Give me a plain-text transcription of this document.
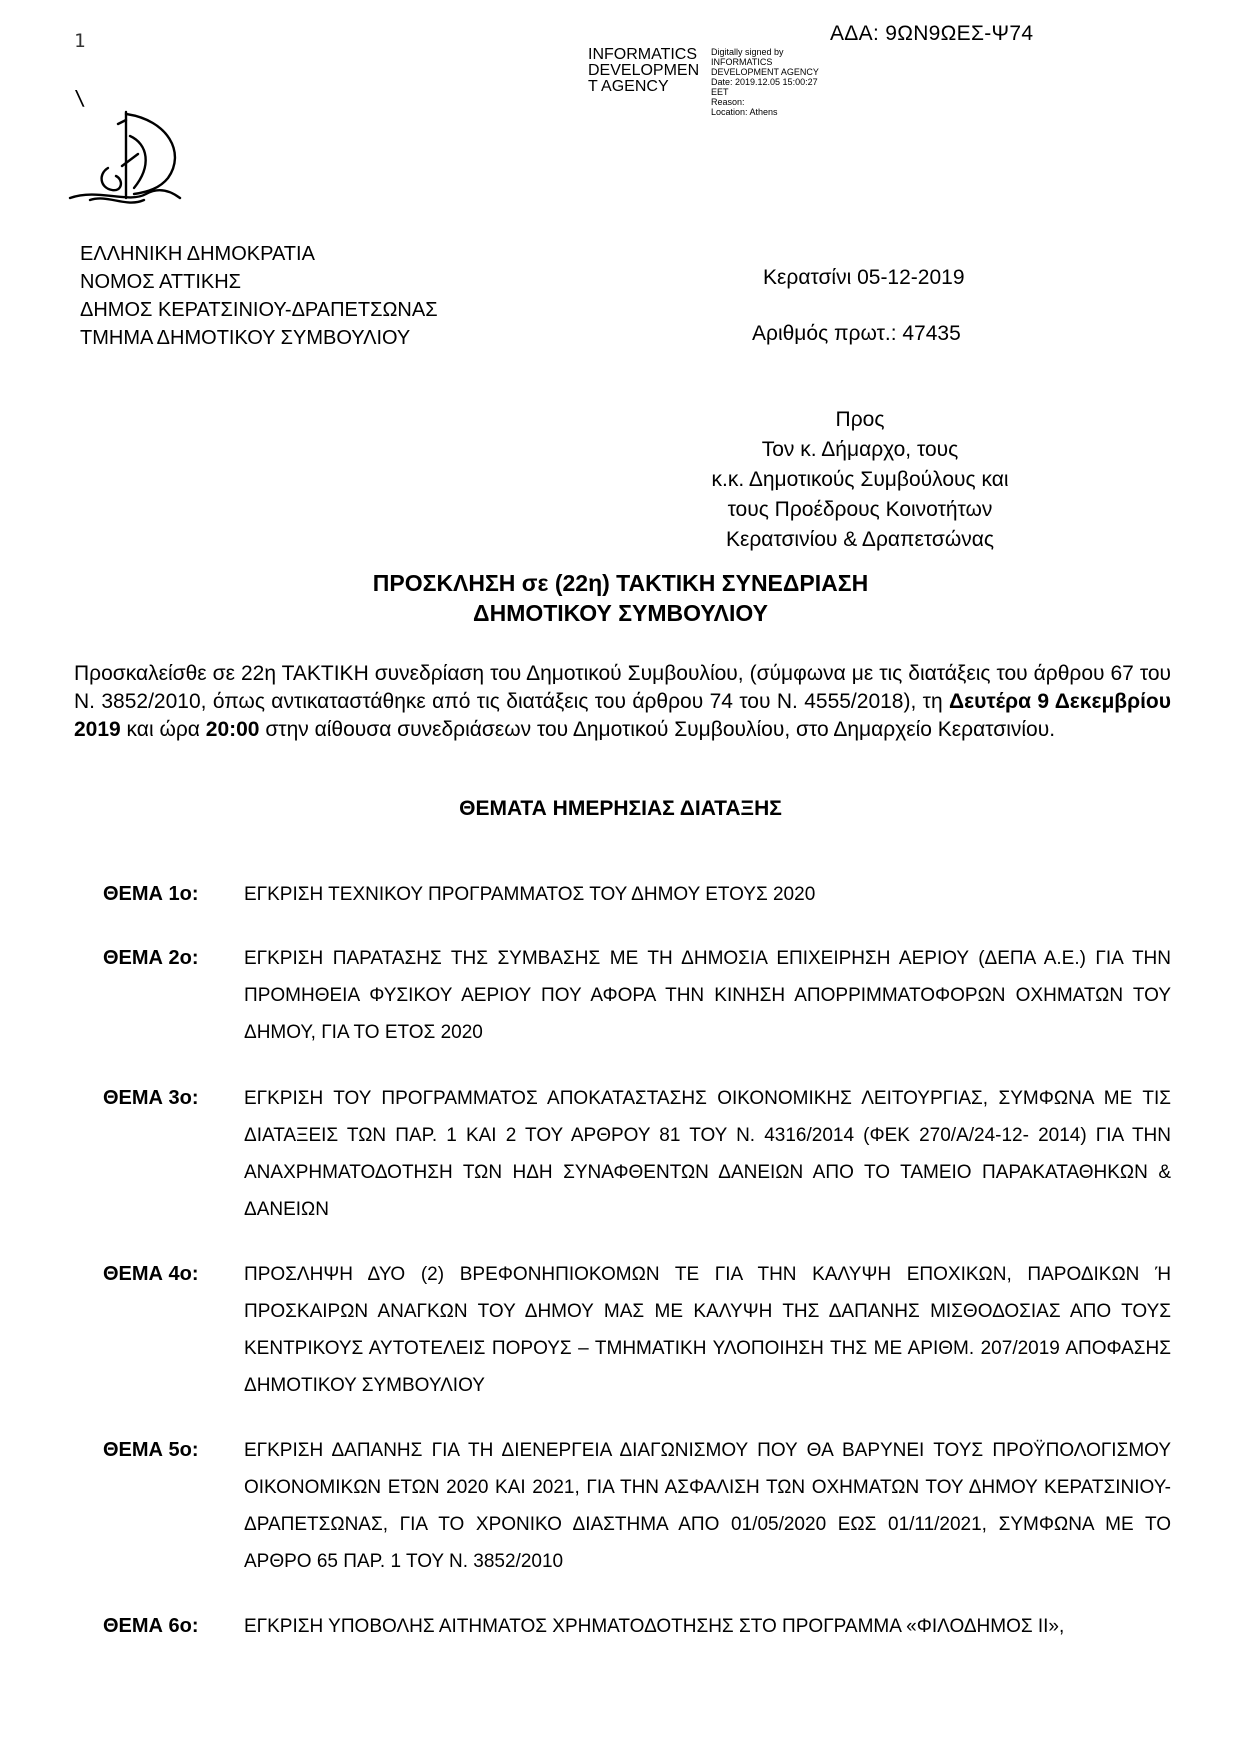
1
\
ΑΔΑ: 9ΩΝ9ΩΕΣ-Ψ74
INFORMATICS
DEVELOPMEN
T AGENCY
Digitally signed by
INFORMATICS
DEVELOPMENT AGENCY
Date: 2019.12.05 15:00:27
EET
Reason:
Location: Athens
ΕΛΛΗΝΙΚΗ ΔΗΜΟΚΡΑΤΙΑ
ΝΟΜΟΣ ΑΤΤΙΚΗΣ
ΔΗΜΟΣ ΚΕΡΑΤΣΙΝΙΟΥ-ΔΡΑΠΕΤΣΩΝΑΣ
ΤΜΗΜΑ ΔΗΜΟΤΙΚΟΥ ΣΥΜΒΟΥΛΙΟΥ
Κερατσίνι 05-12-2019
Αριθμός πρωτ.: 47435
Προς
Τον κ. Δήμαρχο, τους
κ.κ. Δημοτικούς Συμβούλους και
τους Προέδρους Κοινοτήτων
Κερατσινίου & Δραπετσώνας
ΠΡΟΣΚΛΗΣΗ σε (22η) ΤΑΚΤΙΚΗ ΣΥΝΕΔΡΙΑΣΗ
ΔΗΜΟΤΙΚΟΥ ΣΥΜΒΟΥΛΙΟΥ
Προσκαλείσθε σε 22η ΤΑΚΤΙΚΗ συνεδρίαση του Δημοτικού Συμβουλίου, (σύμφωνα με τις διατάξεις του άρθρου 67 του Ν. 3852/2010, όπως αντικαταστάθηκε από τις διατάξεις του άρθρου 74 του Ν. 4555/2018), τη Δευτέρα 9 Δεκεμβρίου 2019 και ώρα 20:00 στην αίθουσα συνεδριάσεων του Δημοτικού Συμβουλίου, στο Δημαρχείο Κερατσινίου.
ΘΕΜΑΤΑ ΗΜΕΡΗΣΙΑΣ ΔΙΑΤΑΞΗΣ
ΘΕΜΑ 1ο: ΕΓΚΡΙΣΗ ΤΕΧΝΙΚΟΥ ΠΡΟΓΡΑΜΜΑΤΟΣ ΤΟΥ ΔΗΜΟΥ ΕΤΟΥΣ 2020
ΘΕΜΑ 2ο: ΕΓΚΡΙΣΗ ΠΑΡΑΤΑΣΗΣ ΤΗΣ ΣΥΜΒΑΣΗΣ ΜΕ ΤΗ ΔΗΜΟΣΙΑ ΕΠΙΧΕΙΡΗΣΗ ΑΕΡΙΟΥ (ΔΕΠΑ Α.Ε.) ΓΙΑ ΤΗΝ ΠΡΟΜΗΘΕΙΑ ΦΥΣΙΚΟΥ ΑΕΡΙΟΥ ΠΟΥ ΑΦΟΡΑ ΤΗΝ ΚΙΝΗΣΗ ΑΠΟΡΡΙΜΜΑΤΟΦΟΡΩΝ ΟΧΗΜΑΤΩΝ ΤΟΥ ΔΗΜΟΥ, ΓΙΑ ΤΟ ΕΤΟΣ 2020
ΘΕΜΑ 3ο: ΕΓΚΡΙΣΗ ΤΟΥ ΠΡΟΓΡΑΜΜΑΤΟΣ ΑΠΟΚΑΤΑΣΤΑΣΗΣ ΟΙΚΟΝΟΜΙΚΗΣ ΛΕΙΤΟΥΡΓΙΑΣ, ΣΥΜΦΩΝΑ ΜΕ ΤΙΣ ΔΙΑΤΑΞΕΙΣ ΤΩΝ ΠΑΡ. 1 ΚΑΙ 2 ΤΟΥ ΑΡΘΡΟΥ 81 ΤΟΥ Ν. 4316/2014 (ΦΕΚ 270/Α/24-12- 2014) ΓΙΑ ΤΗΝ ΑΝΑΧΡΗΜΑΤΟΔΟΤΗΣΗ ΤΩΝ ΗΔΗ ΣΥΝΑΦΘΕΝΤΩΝ ΔΑΝΕΙΩΝ ΑΠΟ ΤΟ ΤΑΜΕΙΟ ΠΑΡΑΚΑΤΑΘΗΚΩΝ & ΔΑΝΕΙΩΝ
ΘΕΜΑ 4ο: ΠΡΟΣΛΗΨΗ ΔΥΟ (2) ΒΡΕΦΟΝΗΠΙΟΚΟΜΩΝ ΤΕ ΓΙΑ ΤΗΝ ΚΑΛΥΨΗ ΕΠΟΧΙΚΩΝ, ΠΑΡΟΔΙΚΩΝ Ή ΠΡΟΣΚΑΙΡΩΝ ΑΝΑΓΚΩΝ ΤΟΥ ΔΗΜΟΥ ΜΑΣ ΜΕ ΚΑΛΥΨΗ ΤΗΣ ΔΑΠΑΝΗΣ ΜΙΣΘΟΔΟΣΙΑΣ ΑΠΟ ΤΟΥΣ ΚΕΝΤΡΙΚΟΥΣ ΑΥΤΟΤΕΛΕΙΣ ΠΟΡΟΥΣ – ΤΜΗΜΑΤΙΚΗ ΥΛΟΠΟΙΗΣΗ ΤΗΣ ΜΕ ΑΡΙΘΜ. 207/2019 ΑΠΟΦΑΣΗΣ ΔΗΜΟΤΙΚΟΥ ΣΥΜΒΟΥΛΙΟΥ
ΘΕΜΑ 5ο: ΕΓΚΡΙΣΗ ΔΑΠΑΝΗΣ ΓΙΑ ΤΗ ΔΙΕΝΕΡΓΕΙΑ ΔΙΑΓΩΝΙΣΜΟΥ ΠΟΥ ΘΑ ΒΑΡΥΝΕΙ ΤΟΥΣ ΠΡΟΫΠΟΛΟΓΙΣΜΟΥ ΟΙΚΟΝΟΜΙΚΩΝ ΕΤΩΝ 2020 ΚΑΙ 2021, ΓΙΑ ΤΗΝ ΑΣΦΑΛΙΣΗ ΤΩΝ ΟΧΗΜΑΤΩΝ ΤΟΥ ΔΗΜΟΥ ΚΕΡΑΤΣΙΝΙΟΥ-ΔΡΑΠΕΤΣΩΝΑΣ, ΓΙΑ ΤΟ ΧΡΟΝΙΚΟ ΔΙΑΣΤΗΜΑ ΑΠΟ 01/05/2020 ΕΩΣ 01/11/2021, ΣΥΜΦΩΝΑ ΜΕ ΤΟ ΑΡΘΡΟ 65 ΠΑΡ. 1 ΤΟΥ Ν. 3852/2010
ΘΕΜΑ 6ο: ΕΓΚΡΙΣΗ ΥΠΟΒΟΛΗΣ ΑΙΤΗΜΑΤΟΣ ΧΡΗΜΑΤΟΔΟΤΗΣΗΣ ΣΤΟ ΠΡΟΓΡΑΜΜΑ «ΦΙΛΟΔΗΜΟΣ ΙΙ»,
